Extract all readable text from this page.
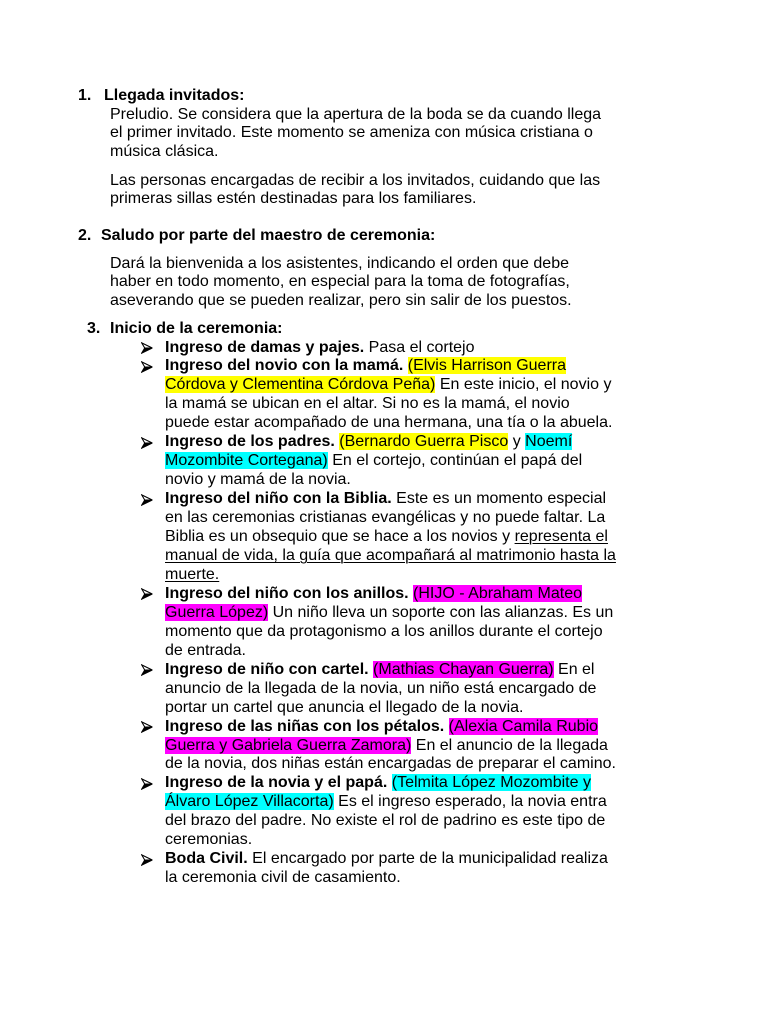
1. Llegada invitados:
Preludio. Se considera que la apertura de la boda se da cuando llega
el primer invitado. Este momento se ameniza con música cristiana o
música clásica.
Las personas encargadas de recibir a los invitados, cuidando que las
primeras sillas estén destinadas para los familiares.
2. Saludo por parte del maestro de ceremonia:
Dará la bienvenida a los asistentes, indicando el orden que debe
haber en todo momento, en especial para la toma de fotografías,
aseverando que se pueden realizar, pero sin salir de los puestos.
3. Inicio de la ceremonia:
Ingreso de damas y pajes. Pasa el cortejo
Ingreso del novio con la mamá. (Elvis Harrison Guerra
Córdova y Clementina Córdova Peña) En este inicio, el novio y
la mamá se ubican en el altar. Si no es la mamá, el novio
puede estar acompañado de una hermana, una tía o la abuela.
Ingreso de los padres. (Bernardo Guerra Pisco y Noemí
Mozombite Cortegana) En el cortejo, continúan el papá del
novio y mamá de la novia.
Ingreso del niño con la Biblia. Este es un momento especial
en las ceremonias cristianas evangélicas y no puede faltar. La
Biblia es un obsequio que se hace a los novios y representa el
manual de vida, la guía que acompañará al matrimonio hasta la
muerte.
Ingreso del niño con los anillos. (HIJO - Abraham Mateo
Guerra López) Un niño lleva un soporte con las alianzas. Es un
momento que da protagonismo a los anillos durante el cortejo
de entrada.
Ingreso de niño con cartel. (Mathias Chayan Guerra) En el
anuncio de la llegada de la novia, un niño está encargado de
portar un cartel que anuncia el llegado de la novia.
Ingreso de las niñas con los pétalos. (Alexia Camila Rubio
Guerra y Gabriela Guerra Zamora) En el anuncio de la llegada
de la novia, dos niñas están encargadas de preparar el camino.
Ingreso de la novia y el papá. (Telmita López Mozombite y
Álvaro López Villacorta) Es el ingreso esperado, la novia entra
del brazo del padre. No existe el rol de padrino es este tipo de
ceremonias.
Boda Civil. El encargado por parte de la municipalidad realiza
la ceremonia civil de casamiento.
